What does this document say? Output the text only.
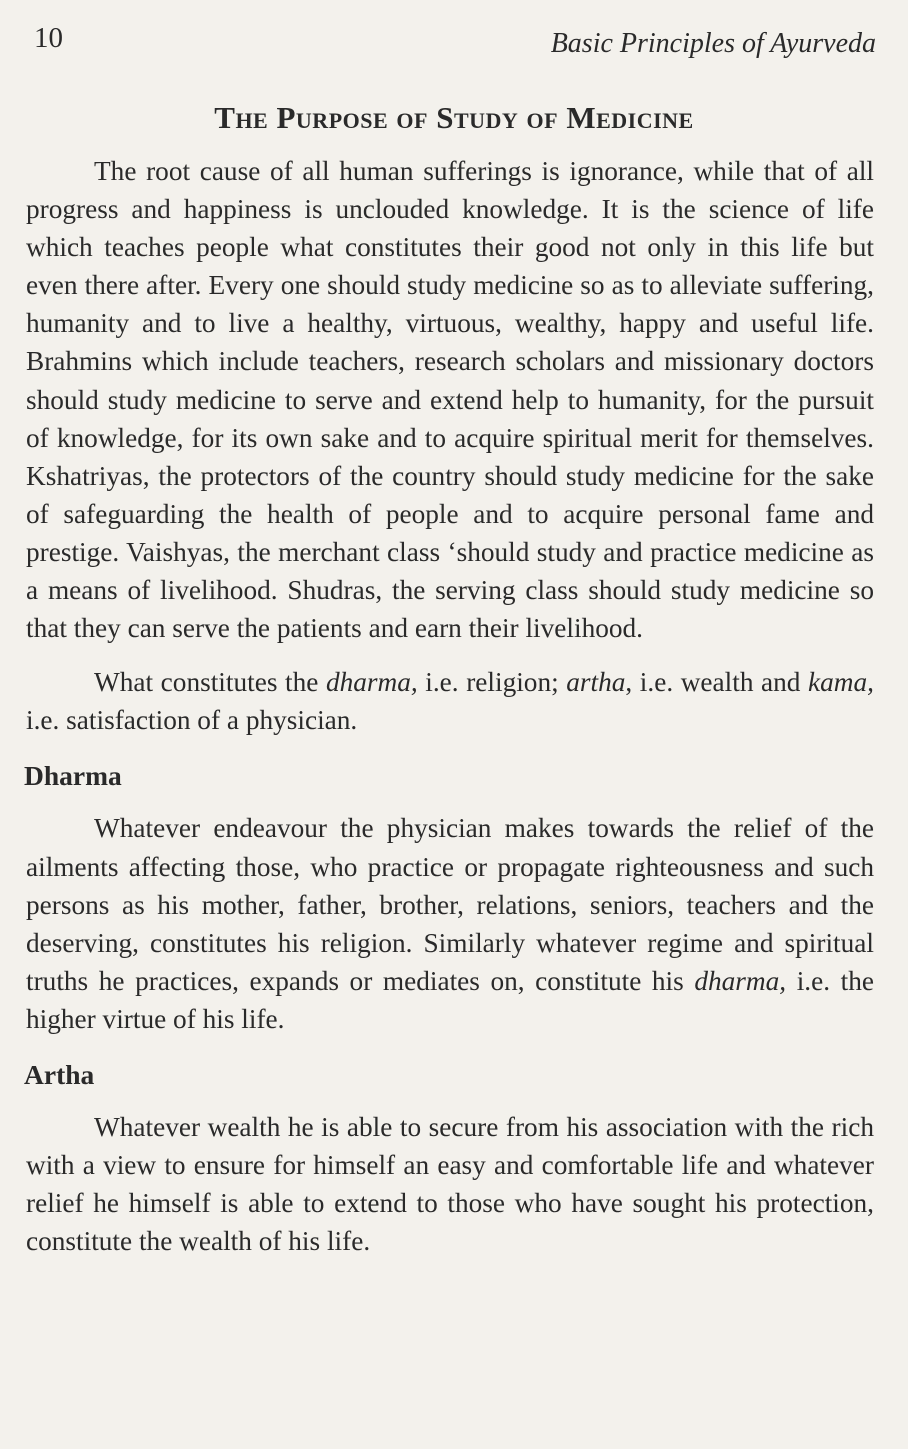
10	Basic Principles of Ayurveda
The Purpose of Study of Medicine

The root cause of all human sufferings is ignorance, while that of all progress and happiness is unclouded knowledge. It is the science of life which teaches people what constitutes their good not only in this life but even there after. Every one should study medicine so as to alleviate suffering, humanity and to live a healthy, virtuous, wealthy, happy and useful life. Brahmins which include teachers, research scholars and missionary doctors should study medicine to serve and extend help to humanity, for the pursuit of knowledge, for its own sake and to acquire spiritual merit for themselves. Kshatriyas, the protectors of the country should study medicine for the sake of safeguarding the health of people and to acquire personal fame and prestige. Vaishyas, the merchant class ‘should study and practice medicine as a means of livelihood. Shudras, the serving class should study medicine so that they can serve the patients and earn their livelihood.

What constitutes the dharma, i.e. religion; artha, i.e. wealth and kama, i.e. satisfaction of a physician.

Dharma

Whatever endeavour the physician makes towards the relief of the ailments affecting those, who practice or propagate righteousness and such persons as his mother, father, brother, relations, seniors, teachers and the deserving, constitutes his religion. Similarly whatever regime and spiritual truths he practices, expands or mediates on, constitute his dharma, i.e. the higher virtue of his life.

Artha

Whatever wealth he is able to secure from his association with the rich with a view to ensure for himself an easy and comfortable life and whatever relief he himself is able to extend to those who have sought his protection, constitute the wealth of his life.
